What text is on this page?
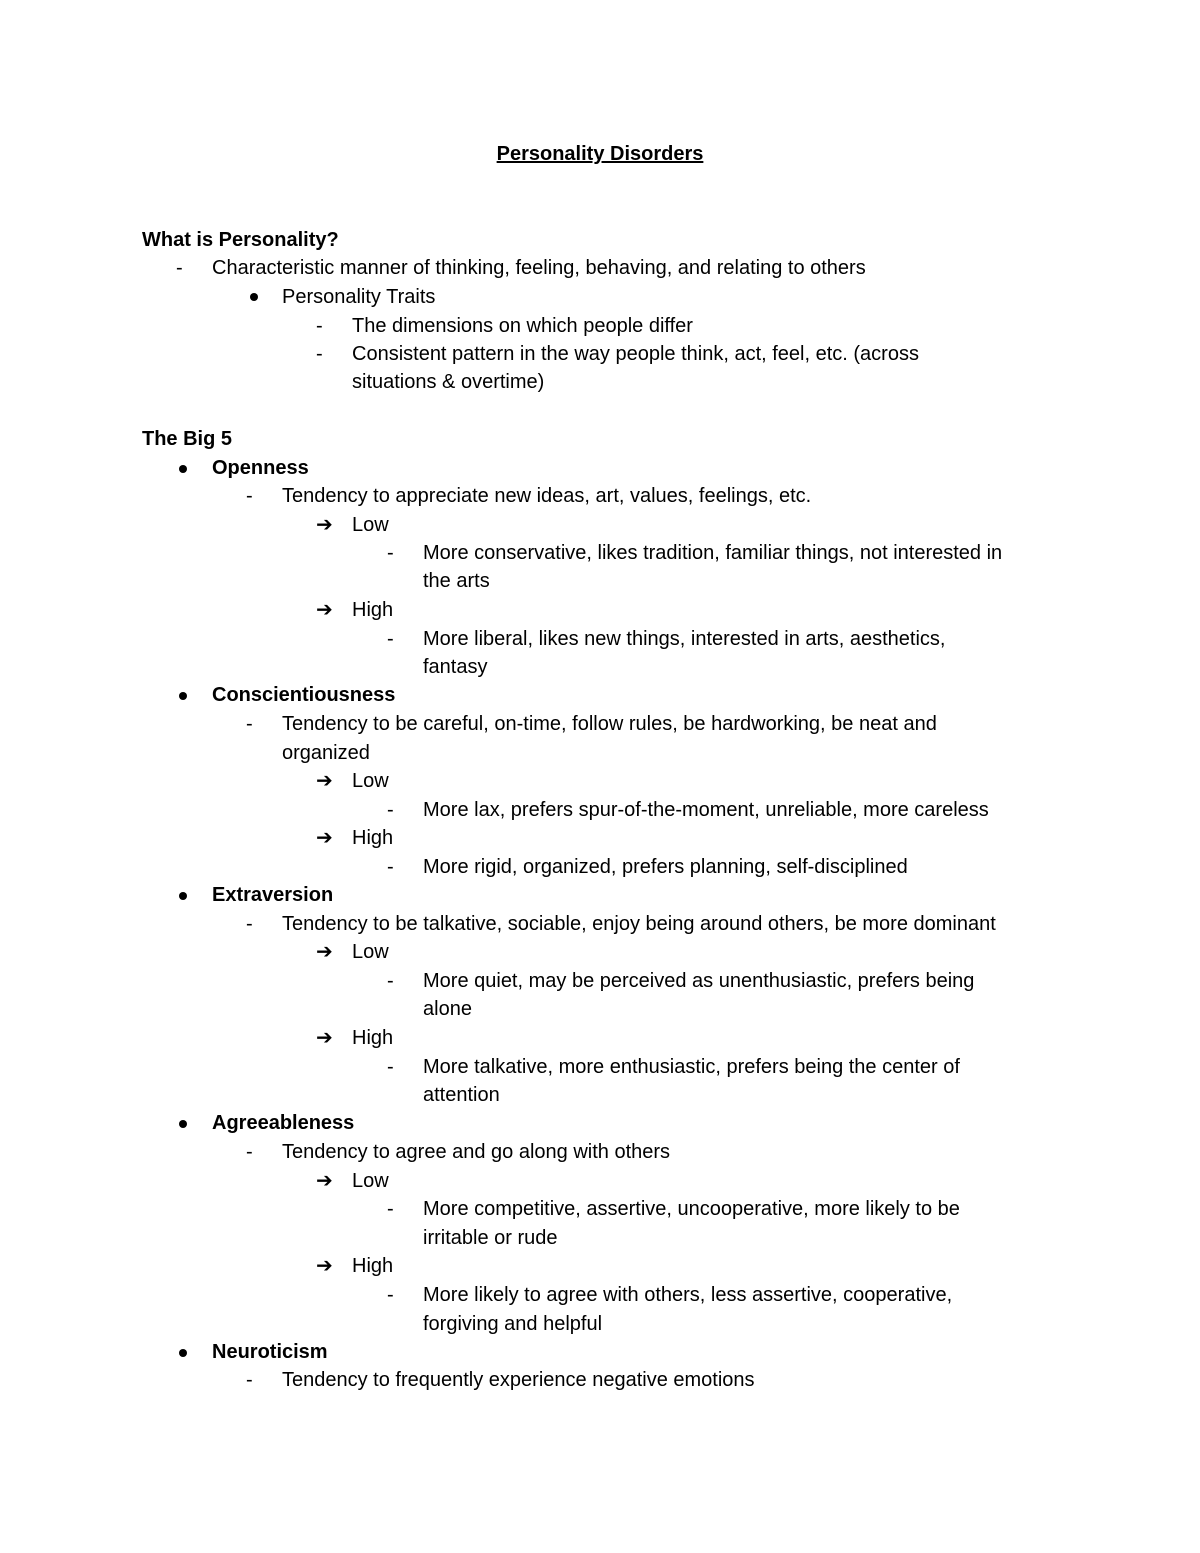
Personality Disorders
What is Personality?
- Characteristic manner of thinking, feeling, behaving, and relating to others
Personality Traits
- The dimensions on which people differ
- Consistent pattern in the way people think, act, feel, etc. (across
situations & overtime)
The Big 5
Openness
- Tendency to appreciate new ideas, art, values, feelings, etc.
➔ Low
- More conservative, likes tradition, familiar things, not interested in
the arts
➔ High
- More liberal, likes new things, interested in arts, aesthetics,
fantasy
Conscientiousness
- Tendency to be careful, on-time, follow rules, be hardworking, be neat and
organized
➔ Low
- More lax, prefers spur-of-the-moment, unreliable, more careless
➔ High
- More rigid, organized, prefers planning, self-disciplined
Extraversion
- Tendency to be talkative, sociable, enjoy being around others, be more dominant
➔ Low
- More quiet, may be perceived as unenthusiastic, prefers being
alone
➔ High
- More talkative, more enthusiastic, prefers being the center of
attention
Agreeableness
- Tendency to agree and go along with others
➔ Low
- More competitive, assertive, uncooperative, more likely to be
irritable or rude
➔ High
- More likely to agree with others, less assertive, cooperative,
forgiving and helpful
Neuroticism
- Tendency to frequently experience negative emotions
